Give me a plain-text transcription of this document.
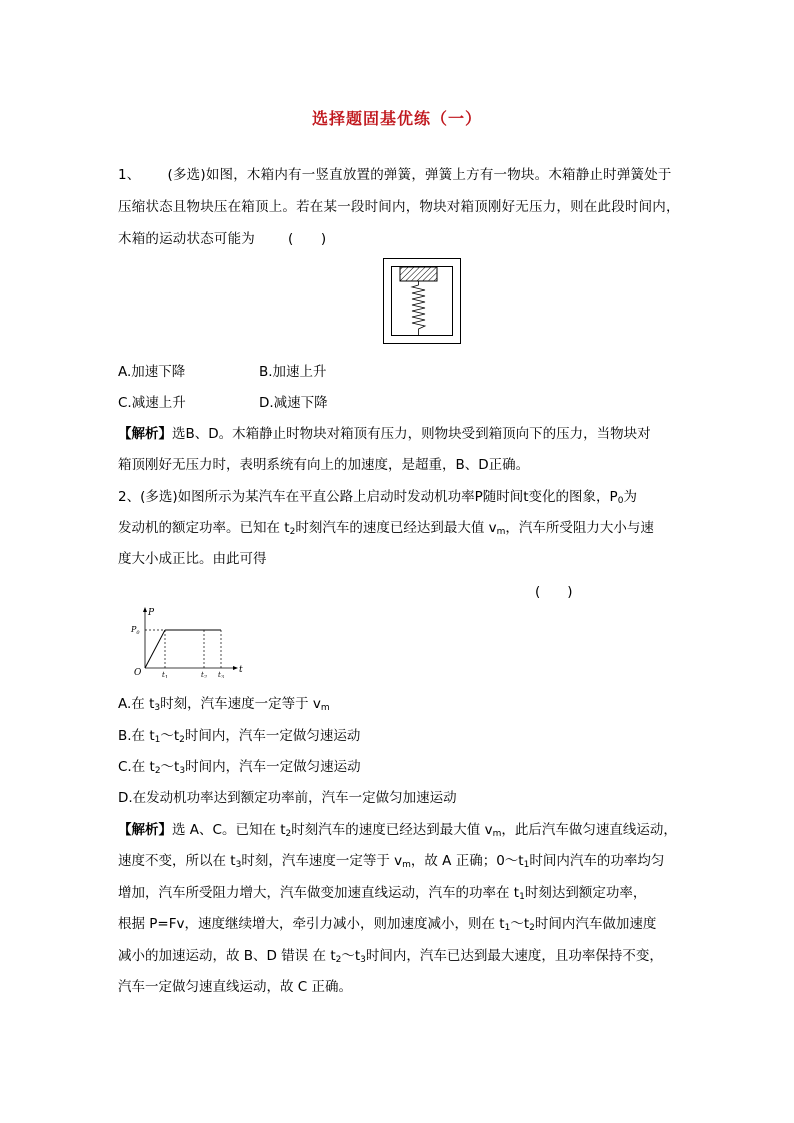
选择题固基优练（一）
1、 (多选)如图，木箱内有一竖直放置的弹簧，弹簧上方有一物块。木箱静止时弹簧处于
压缩状态且物块压在箱顶上。若在某一段时间内，物块对箱顶刚好无压力，则在此段时间内，
木箱的运动状态可能为 (　　)
A.加速下降	B.加速上升
C.减速上升	D.减速下降
【解析】选B、D。木箱静止时物块对箱顶有压力，则物块受到箱顶向下的压力，当物块对
箱顶刚好无压力时，表明系统有向上的加速度，是超重，B、D正确。
2、(多选)如图所示为某汽车在平直公路上启动时发动机功率P随时间t变化的图象，$P_0$为
发动机的额定功率。已知在 $t_2$时刻汽车的速度已经达到最大值 $v_m$，汽车所受阻力大小与速
度大小成正比。由此可得
(　　)
P
$P_0$
O	t
$t_1$	$t_2$ $t_3$
A.在 $t_3$时刻，汽车速度一定等于 $v_m$
B.在 $t_1\sim t_2$时间内，汽车一定做匀速运动
C.在 $t_2\sim t_3$时间内，汽车一定做匀速运动
D.在发动机功率达到额定功率前，汽车一定做匀加速运动
【解析】选 A、C。已知在 $t_2$时刻汽车的速度已经达到最大值 $v_m$，此后汽车做匀速直线运动，
速度不变，所以在 $t_3$时刻，汽车速度一定等于 $v_m$，故 A 正确；$0\sim t_1$时间内汽车的功率均匀
增加，汽车所受阻力增大，汽车做变加速直线运动，汽车的功率在 $t_1$时刻达到额定功率，
根据 P=Fv，速度继续增大，牵引力减小，则加速度减小，则在 $t_1\sim t_2$时间内汽车做加速度
减小的加速运动，故 B、D 错误 在 $t_2\sim t_3$时间内，汽车已达到最大速度，且功率保持不变，
汽车一定做匀速直线运动，故 C 正确。
